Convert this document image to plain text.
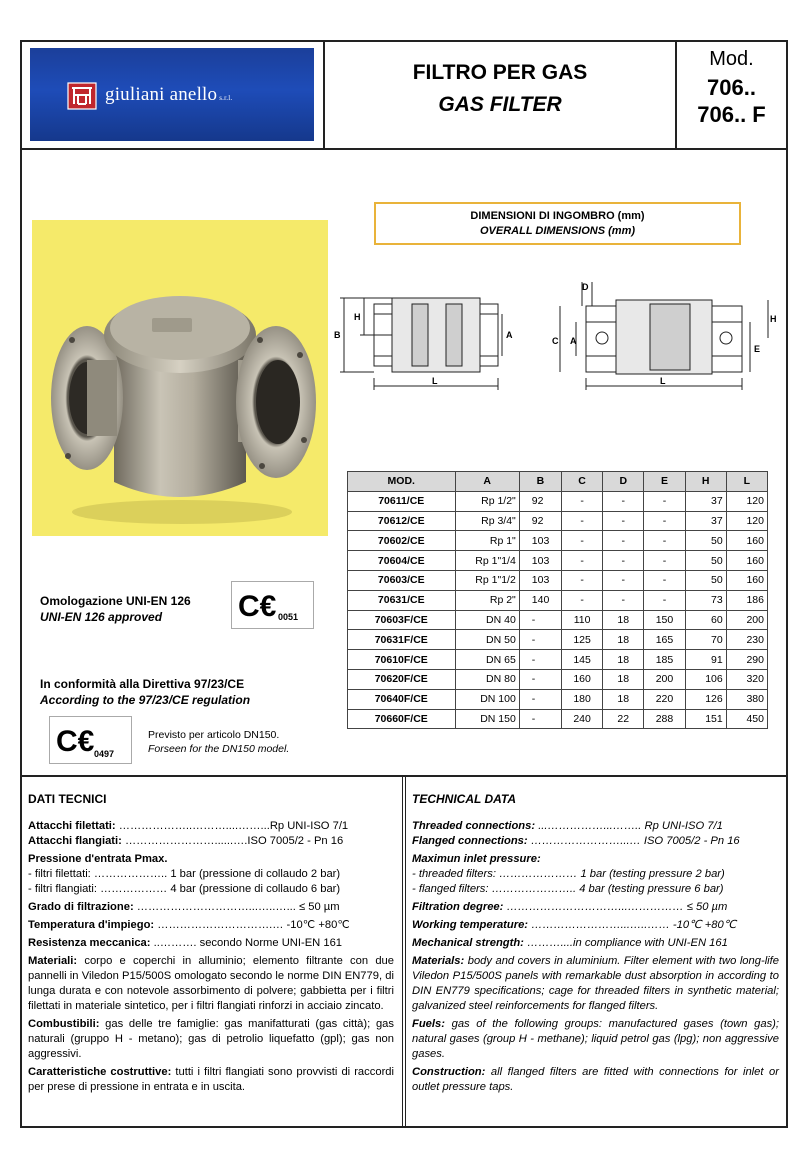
giuliani anello s.r.l.
FILTRO PER GAS
GAS FILTER
Mod.
706..
706.. F
DIMENSIONI DI INGOMBRO (mm)
OVERALL DIMENSIONS (mm)
B
H
A
L
D
C A
E
H
L
MOD.	A	B	C	D	E	H	L
70611/CE	Rp 1/2"	92	-	-	-	37	120
70612/CE	Rp 3/4"	92	-	-	-	37	120
70602/CE	Rp 1"	103	-	-	-	50	160
70604/CE	Rp 1"1/4	103	-	-	-	50	160
70603/CE	Rp 1"1/2	103	-	-	-	50	160
70631/CE	Rp 2"	140	-	-	-	73	186
70603F/CE	DN 40	-	110	18	150	60	200
70631F/CE	DN 50	-	125	18	165	70	230
70610F/CE	DN 65	-	145	18	185	91	290
70620F/CE	DN 80	-	160	18	200	106	320
70640F/CE	DN 100	-	180	18	220	126	380
70660F/CE	DN 150	-	240	22	288	151	450
Omologazione UNI-EN 126
UNI-EN 126 approved	C€ 0051
In conformità alla Direttiva 97/23/CE
According to the 97/23/CE regulation
C€ 0497
Previsto per articolo DN150.
Forseen for the DN150 model.
DATI TECNICI
Attacchi filettati: ………………..………....……...Rp UNI-ISO 7/1
Attacchi flangiati: ……………………......….ISO 7005/2 - Pn 16
Pressione d'entrata Pmax.
- filtri filettati: ……………….. 1 bar (pressione di collaudo 2 bar)
- filtri flangiati: ……………… 4 bar (pressione di collaudo 6 bar)
Grado di filtrazione: …………………………...…..…... ≤ 50 µm
Temperatura d'impiego: ………………………….… -10℃ +80℃
Resistenza meccanica: ..………. secondo Norme UNI-EN 161
Materiali: corpo e coperchi in alluminio; elemento filtrante con due pannelli in Viledon P15/500S omologato secondo le norme DIN EN779, di lunga durata e con notevole assorbimento di polvere; gabbietta per i filtri filettati in materiale sintetico, per i filtri flangiati rinforzi in acciaio zincato.
Combustibili: gas delle tre famiglie: gas manifatturati (gas città); gas naturali (gruppo H - metano); gas di petrolio liquefatto (gpl); gas non aggressivi.
Caratteristiche costruttive: tutti i filtri flangiati sono provvisti di raccordi per prese di pressione in entrata e in uscita.
TECHNICAL DATA
Threaded connections: ...……………...…….. Rp UNI-ISO 7/1
Flanged connections: ……………………...… ISO 7005/2 - Pn 16
Maximun inlet pressure:
- threaded filters: ………………… 1 bar (testing pressure 2 bar)
- flanged filters: ………………….. 4 bar (testing pressure 6 bar)
Filtration degree: …………………………...…………… ≤ 50 µm
Working temperature: ……………………...…..…… -10℃ +80℃
Mechanical strength: ………....in compliance with UNI-EN 161
Materials: body and covers in aluminium. Filter element with two long-life Viledon P15/500S panels with remarkable dust absorption in according to DIN EN779 specifications; cage for threaded filters in synthetic material; galvanized steel reinforcements for flanged filters.
Fuels: gas of the following groups: manufactured gases (town gas); natural gases (group H - methane); liquid petrol gas (lpg); non aggressive gases.
Construction: all flanged filters are fitted with connections for inlet or outlet pressure taps.
